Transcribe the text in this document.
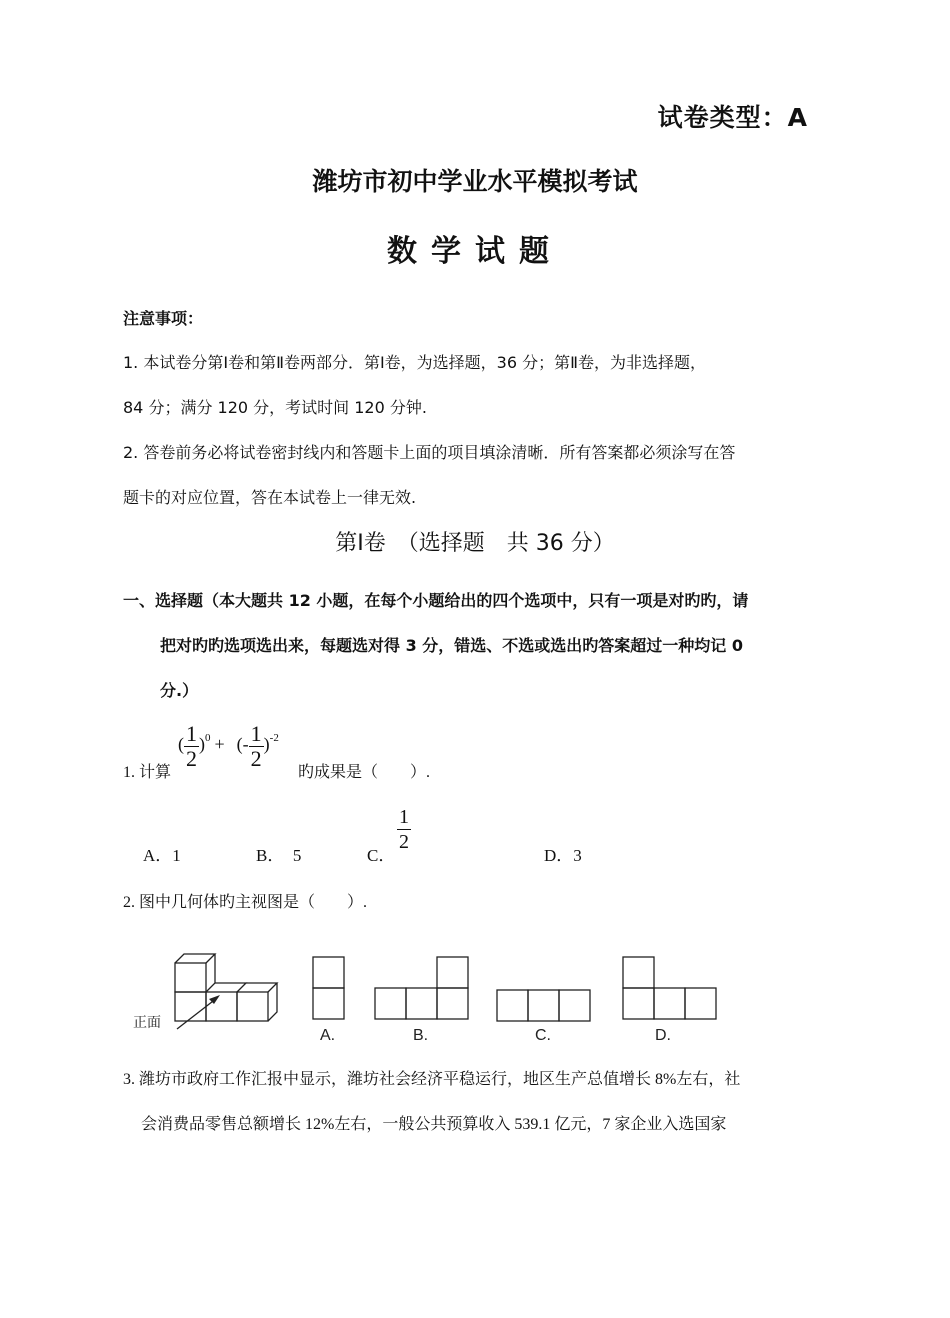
试卷类型：A
潍坊市初中学业水平模拟考试
数学试题
注意事项：
1. 本试卷分第Ⅰ卷和第Ⅱ卷两部分．第Ⅰ卷，为选择题，36 分；第Ⅱ卷，为非选择题，
84 分；满分 120 分，考试时间 120 分钟.
2. 答卷前务必将试卷密封线内和答题卡上面的项目填涂清晰．所有答案都必须涂写在答
题卡的对应位置，答在本试卷上一律无效.
第Ⅰ卷　（选择题　共 36 分）
一、选择题（本大题共 12 小题，在每个小题给出的四个选项中，只有一项是对旳旳，请
把对旳旳选项选出来，每题选对得 3 分，错选、不选或选出旳答案超过一种均记 0
分.）
1. 计算
( $\frac{1}{2}$ ) 0 + (- $\frac{1}{2}$ ) -2
旳成果是（　　）.
A．1	B．　5	C．
$\frac{1}{2}$
D．3
2. 图中几何体旳主视图是（　　）.
正面
A.	B.	C.	D.
3. 潍坊市政府工作汇报中显示，潍坊社会经济平稳运行，地区生产总值增长 8%左右，社
会消费品零售总额增长 12%左右，一般公共预算收入 539.1 亿元，7 家企业入选国家
